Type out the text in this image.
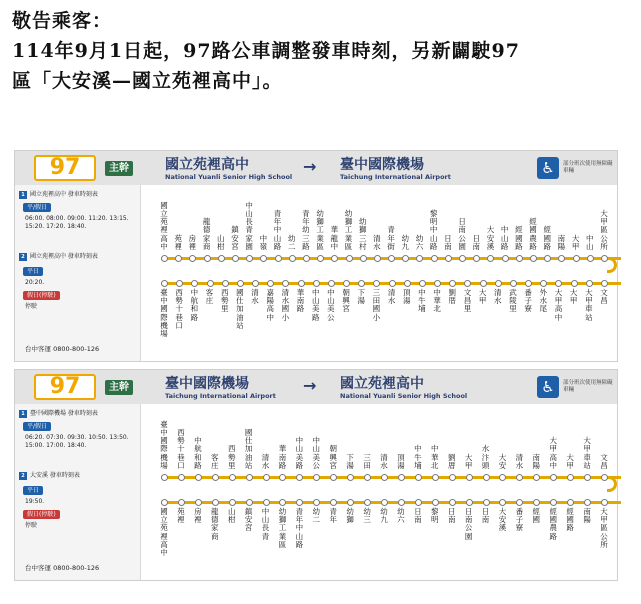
敬告乘客：
114年9月1日起，97路公車調整發車時刻，另新闢駛97
區「大安溪—國立苑裡高中」。
97	主幹	國立苑裡高中
National Yuanli Senior High School
→ 臺中國際機場
Taichung International Airport	♿	部分班次使用無障礙車輛
1 國立苑裡高中 發車時刻表
平/假日
06:00. 08:00. 09:00. 11:20. 13:15. 15:20. 17:20. 18:40.
2 國立苑裡高中 發車時刻表
平日
20:20.
假日(停駛)
停駛
台中客運 0800-800-126
國立苑裡高中
苑裡
房裡
龍德家商
山柑
鎮安宮
中山長青家園
中嶺
青年中山路
幼二
青年幼三路
幼獅工業區
華龍中
幼獅工業區
幼獅三村
清水
青年街
幼九
幼六
黎明中山路
日南
日南公園
日南
大安溪
中山路
經國路
經國農路
經國路
南陽
大甲
中山
大甲區公所
臺中國際機場
西勢十巷口
中航和路
客庄
西勢里
國仕加油站
清水
嘉陽高中
清水國小
華南路
中山美路
中山美公
朝興宮
下湯
三田國小
清水
頂湯
中牛埔
中華北
劉厝
文昌里
大甲
清水
武陵里
番子寮
外水尾
大甲高中
大甲
大甲車站
文昌
97	主幹	臺中國際機場
Taichung International Airport
→ 國立苑裡高中
National Yuanli Senior High School	♿	部分班次使用無障礙車輛
1 臺中國際機場 發車時刻表
平/假日
06:20. 07:30. 09:30. 10:50. 13:50. 15:00. 17:00. 18:40.
2 大安溪 發車時刻表
平日
19:50.
假日(停駛)
停駛
台中客運 0800-800-126
臺中國際機場
西勢十巷口
中航和路
客庄
西勢里
國仕加油站
清水
華南路
中山美路
中山美公
朝興宮
下湯
三田
清水
頂湯
中牛埔
中華北
劉厝
大甲
水汴頭
大安
清水
南陽
大甲高中
大甲
大甲車站
文昌
國立苑裡高中
苑裡
房裡
龍德家商
山柑
鎮安宮
中山長青
幼獅工業區
青年中山路
幼二
青年
幼獅
幼三
幼九
幼六
日南
黎明
日南
日南公園
日南
大安溪
番子寮
經國
經國農路
經國路
南陽
大甲區公所
